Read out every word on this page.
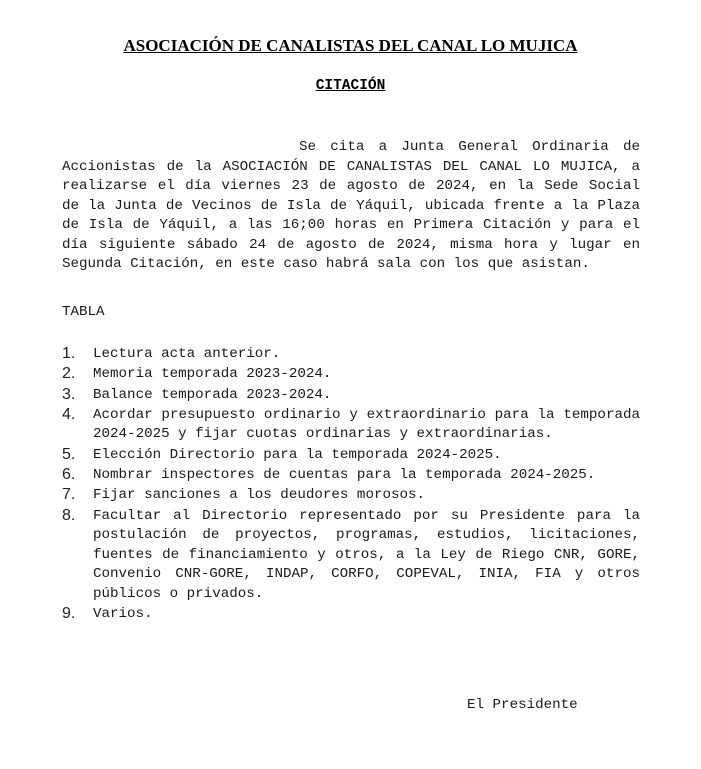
ASOCIACIÓN DE CANALISTAS DEL CANAL LO MUJICA
CITACIÓN
Se cita a Junta General Ordinaria de Accionistas de la ASOCIACIÓN DE CANALISTAS DEL CANAL LO MUJICA, a realizarse el día viernes 23 de agosto de 2024, en la Sede Social de la Junta de Vecinos de Isla de Yáquil, ubicada frente a la Plaza de Isla de Yáquil, a las 16;00 horas en Primera Citación y para el día siguiente sábado 24 de agosto de 2024, misma hora y lugar en Segunda Citación, en este caso habrá sala con los que asistan.
TABLA
1. Lectura acta anterior.
2. Memoria temporada 2023-2024.
3. Balance temporada 2023-2024.
4. Acordar presupuesto ordinario y extraordinario para la temporada 2024-2025 y fijar cuotas ordinarias y extraordinarias.
5. Elección Directorio para la temporada 2024-2025.
6. Nombrar inspectores de cuentas para la temporada 2024-2025.
7. Fijar sanciones a los deudores morosos.
8. Facultar al Directorio representado por su Presidente para la postulación de proyectos, programas, estudios, licitaciones, fuentes de financiamiento y otros, a la Ley de Riego CNR, GORE, Convenio CNR-GORE, INDAP, CORFO, COPEVAL, INIA, FIA y otros públicos o privados.
9. Varios.
El Presidente
